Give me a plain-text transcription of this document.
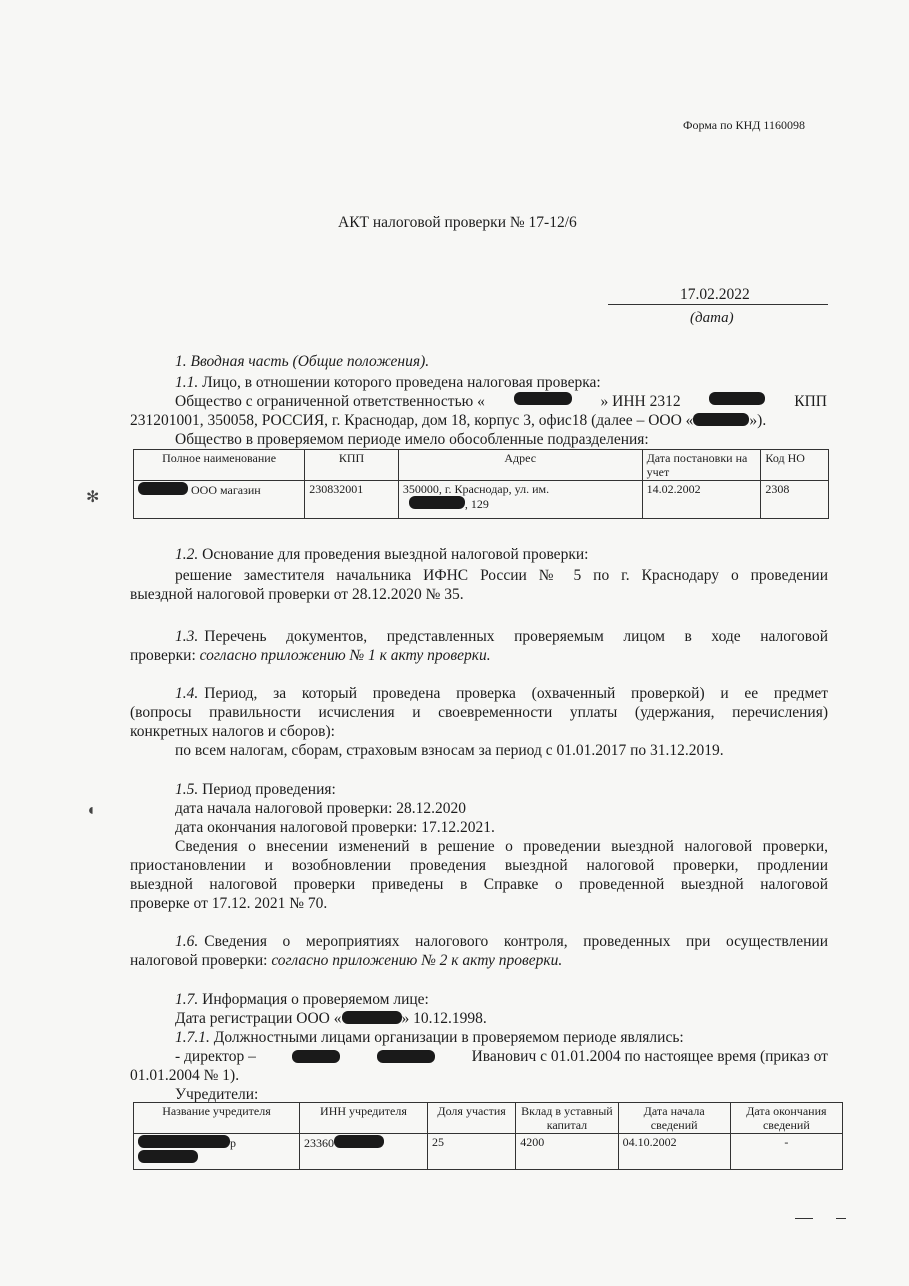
Форма по КНД 1160098
АКТ налоговой проверки № 17-12/6
17.02.2022
(дата)
1. Вводная часть (Общие положения).
1.1. Лицо, в отношении которого проведена налоговая проверка:
Общество с ограниченной ответственностью «	» ИНН 2312	КПП
231201001, 350058, РОССИЯ, г. Краснодар, дом 18, корпус 3, офис18 (далее – ООО «	»).
Общество в проверяемом периоде имело обособленные подразделения:
Полное наименование	КПП	Адрес	Дата постановки на учет	Код НО
ООО магазин	230832001	350000, г. Краснодар, ул. им.
, 129	14.02.2002	2308
1.2. Основание для проведения выездной налоговой проверки:
решение заместителя начальника ИФНС России № 5 по г. Краснодару о проведении
выездной налоговой проверки от 28.12.2020 № 35.
1.3. Перечень документов, представленных проверяемым лицом в ходе налоговой
проверки: согласно приложению № 1 к акту проверки.
1.4. Период, за который проведена проверка (охваченный проверкой) и ее предмет
(вопросы правильности исчисления и своевременности уплаты (удержания, перечисления)
конкретных налогов и сборов):
по всем налогам, сборам, страховым взносам за период с 01.01.2017 по 31.12.2019.
1.5. Период проведения:
дата начала налоговой проверки: 28.12.2020
дата окончания налоговой проверки: 17.12.2021.
Сведения о внесении изменений в решение о проведении выездной налоговой проверки,
приостановлении и возобновлении проведения выездной налоговой проверки, продлении
выездной налоговой проверки приведены в Справке о проведенной выездной налоговой
проверке от 17.12. 2021 № 70.
1.6. Сведения о мероприятиях налогового контроля, проведенных при осуществлении
налоговой проверки: согласно приложению № 2 к акту проверки.
1.7. Информация о проверяемом лице:
Дата регистрации ООО «	» 10.12.1998.
1.7.1. Должностными лицами организации в проверяемом периоде являлись:
- директор –	Иванович с 01.01.2004 по настоящее время (приказ от
01.01.2004 № 1).
Учредители:
Название учредителя	ИНН учредителя	Доля участия	Вклад в уставный капитал	Дата начала сведений	Дата окончания сведений

р	23360	25	4200	04.10.2002	-
✻
◖
